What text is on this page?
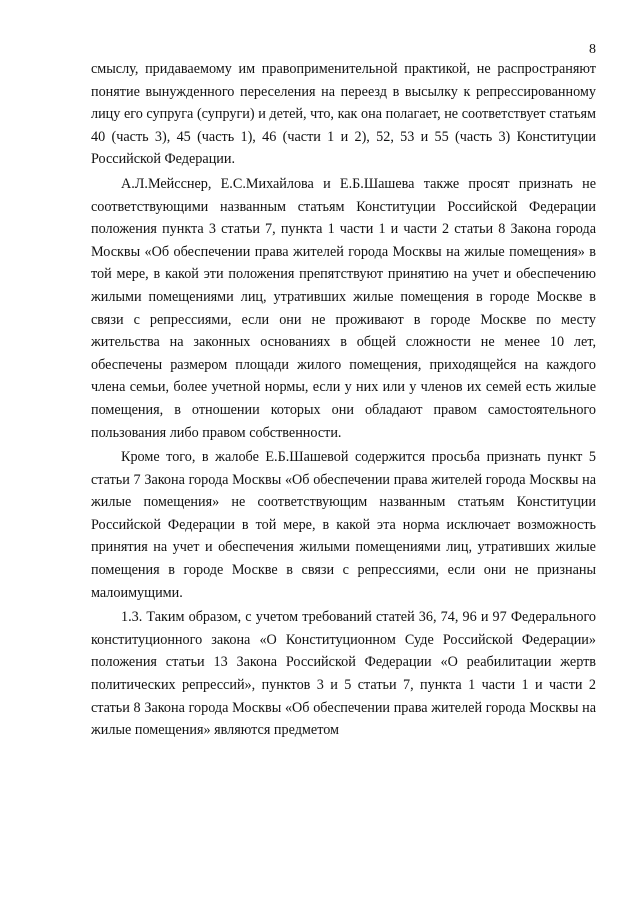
8

смыслу, придаваемому им правоприменительной практикой, не распространяют понятие вынужденного переселения на переезд в высылку к репрессированному лицу его супруга (супруги) и детей, что, как она полагает, не соответствует статьям 40 (часть 3), 45 (часть 1), 46 (части 1 и 2), 52, 53 и 55 (часть 3) Конституции Российской Федерации.

А.Л.Мейсснер, Е.С.Михайлова и Е.Б.Шашева также просят признать не соответствующими названным статьям Конституции Российской Федерации положения пункта 3 статьи 7, пункта 1 части 1 и части 2 статьи 8 Закона города Москвы «Об обеспечении права жителей города Москвы на жилые помещения» в той мере, в какой эти положения препятствуют принятию на учет и обеспечению жилыми помещениями лиц, утративших жилые помещения в городе Москве в связи с репрессиями, если они не проживают в городе Москве по месту жительства на законных основаниях в общей сложности не менее 10 лет, обеспечены размером площади жилого помещения, приходящейся на каждого члена семьи, более учетной нормы, если у них или у членов их семей есть жилые помещения, в отношении которых они обладают правом самостоятельного пользования либо правом собственности.

Кроме того, в жалобе Е.Б.Шашевой содержится просьба признать пункт 5 статьи 7 Закона города Москвы «Об обеспечении права жителей города Москвы на жилые помещения» не соответствующим названным статьям Конституции Российской Федерации в той мере, в какой эта норма исключает возможность принятия на учет и обеспечения жилыми помещениями лиц, утративших жилые помещения в городе Москве в связи с репрессиями, если они не признаны малоимущими.

1.3. Таким образом, с учетом требований статей 36, 74, 96 и 97 Федерального конституционного закона «О Конституционном Суде Российской Федерации» положения статьи 13 Закона Российской Федерации «О реабилитации жертв политических репрессий», пунктов 3 и 5 статьи 7, пункта 1 части 1 и части 2 статьи 8 Закона города Москвы «Об обеспечении права жителей города Москвы на жилые помещения» являются предметом
